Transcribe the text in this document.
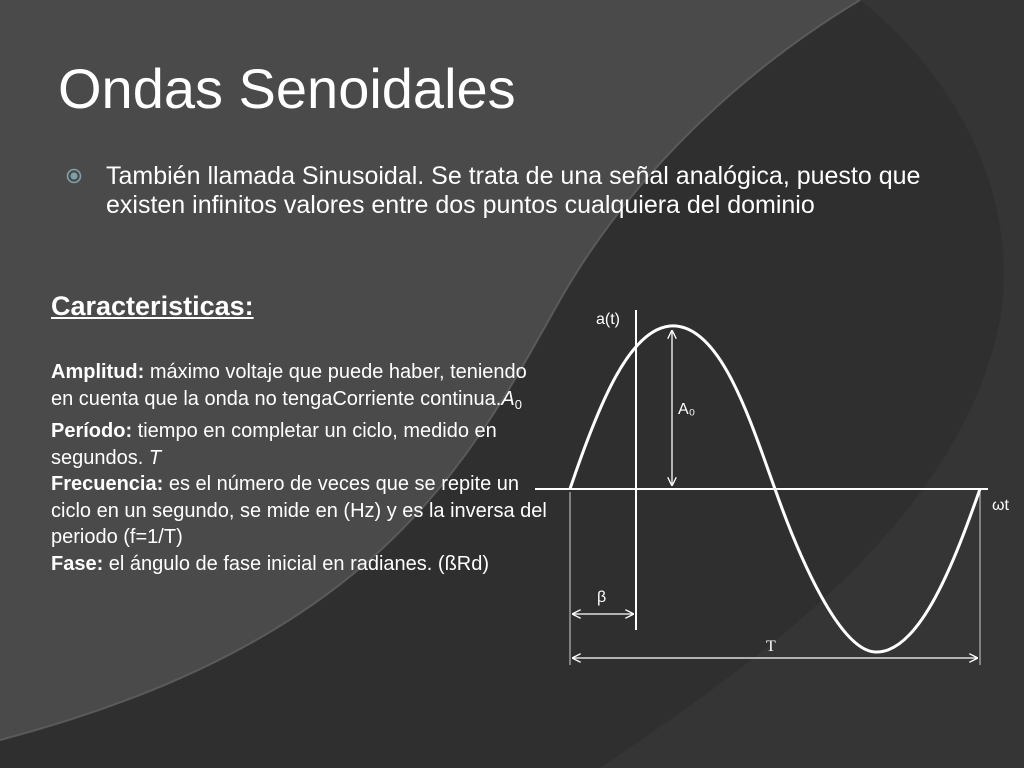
Ondas Senoidales
También llamada Sinusoidal. Se trata de una señal analógica, puesto que existen infinitos valores entre dos puntos cualquiera del dominio
Caracteristicas:

Amplitud: máximo voltaje que puede haber, teniendo en cuenta que la onda no tengaCorriente $continua.A_0$

Período: tiempo en completar un ciclo, medido en segundos. T

Frecuencia: es el número de veces que se repite un ciclo en un segundo, se mide en (Hz) y es la inversa del periodo (f=1/T)

Fase: el ángulo de fase inicial en radianes. (ßRd)

a(t)
ωt
A₀
β
T
